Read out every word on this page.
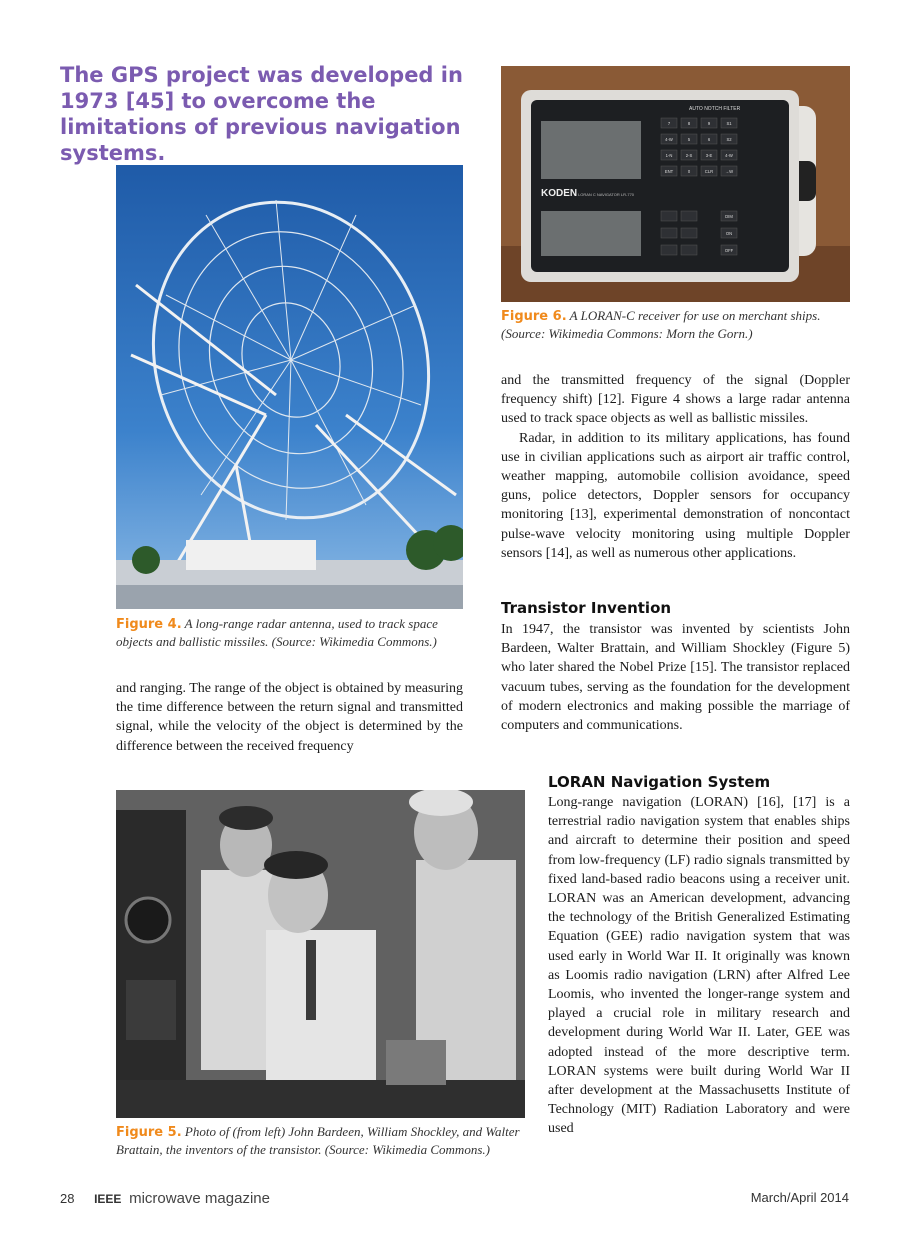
The GPS project was developed in 1973 [45] to overcome the limitations of previous navigation systems.

Figure 4. A long-range radar antenna, used to track space objects and ballistic missiles. (Source: Wikimedia Commons.)

KODEN LORAN C NAVIGATOR LR-770
AUTO NOTCH FILTER
7	8	9	S1
4-W	5	6	S2
1-N	2-S	3-E	4-W
ENT	0	CLR	→W
DIM
ON
OFF

Figure 6. A LORAN-C receiver for use on merchant ships. (Source: Wikimedia Commons: Morn the Gorn.)

and the transmitted frequency of the signal (Doppler frequency shift) [12]. Figure 4 shows a large radar antenna used to track space objects as well as ballistic missiles.

Radar, in addition to its military applications, has found use in civilian applications such as airport air traffic control, weather mapping, automobile collision avoidance, speed guns, police detectors, Doppler sensors for occupancy monitoring [13], experimental demonstration of noncontact pulse-wave velocity monitoring using multiple Doppler sensors [14], as well as numerous other applications.

Transistor Invention

In 1947, the transistor was invented by scientists John Bardeen, Walter Brattain, and William Shockley (Figure 5) who later shared the Nobel Prize [15]. The transistor replaced vacuum tubes, serving as the foundation for the development of modern electronics and making possible the marriage of computers and communications.

and ranging. The range of the object is obtained by measuring the time difference between the return signal and transmitted signal, while the velocity of the object is determined by the difference between the received frequency

Figure 5. Photo of (from left) John Bardeen, William Shockley, and Walter Brattain, the inventors of the transistor. (Source: Wikimedia Commons.)

LORAN Navigation System

Long-range navigation (LORAN) [16], [17] is a terrestrial radio navigation system that enables ships and aircraft to determine their position and speed from low-frequency (LF) radio signals transmitted by fixed land-based radio beacons using a receiver unit. LORAN was an American development, advancing the technology of the British Generalized Estimating Equation (GEE) radio navigation system that was used early in World War II. It originally was known as Loomis radio navigation (LRN) after Alfred Lee Loomis, who invented the longer-range system and played a crucial role in military research and development during World War II. Later, GEE was adopted instead of the more descriptive term. LORAN systems were built during World War II after development at the Massachusetts Institute of Technology (MIT) Radiation Laboratory and were used

28 IEEE microwave magazine	March/April 2014
